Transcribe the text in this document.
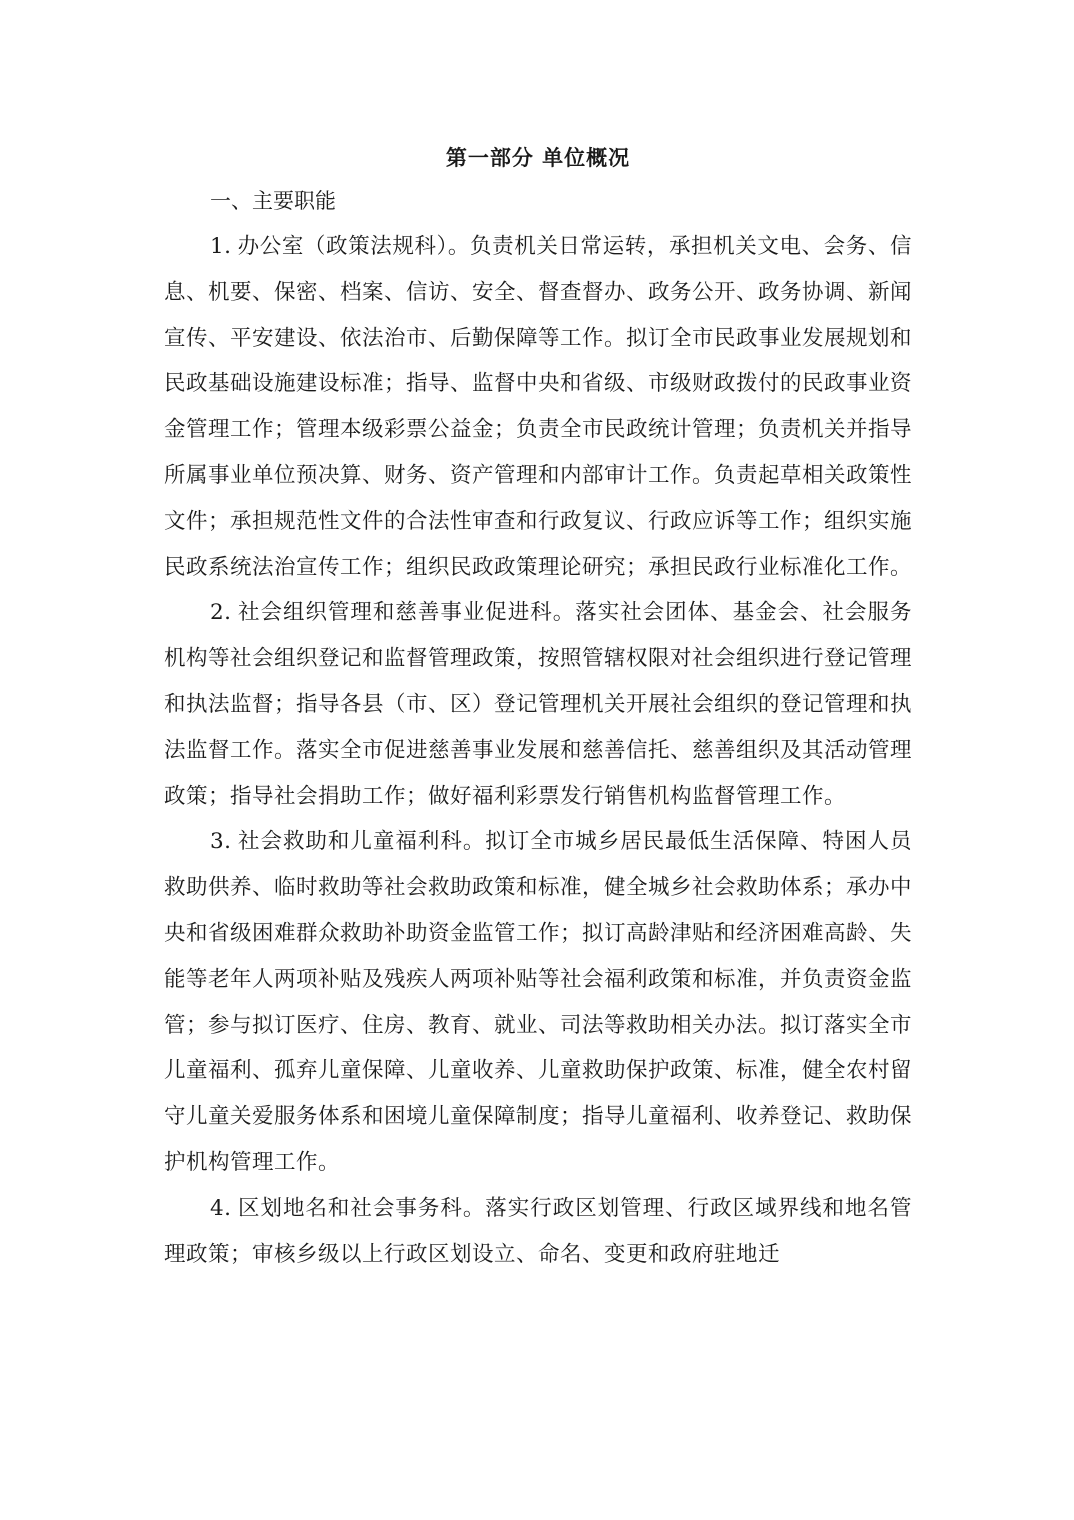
第一部分 单位概况
一、主要职能

1. 办公室（政策法规科）。负责机关日常运转，承担机关文电、会务、信息、机要、保密、档案、信访、安全、督查督办、政务公开、政务协调、新闻宣传、平安建设、依法治市、后勤保障等工作。拟订全市民政事业发展规划和民政基础设施建设标准；指导、监督中央和省级、市级财政拨付的民政事业资金管理工作；管理本级彩票公益金；负责全市民政统计管理；负责机关并指导所属事业单位预决算、财务、资产管理和内部审计工作。负责起草相关政策性文件；承担规范性文件的合法性审查和行政复议、行政应诉等工作；组织实施民政系统法治宣传工作；组织民政政策理论研究；承担民政行业标准化工作。

2. 社会组织管理和慈善事业促进科。落实社会团体、基金会、社会服务机构等社会组织登记和监督管理政策，按照管辖权限对社会组织进行登记管理和执法监督；指导各县（市、区）登记管理机关开展社会组织的登记管理和执法监督工作。落实全市促进慈善事业发展和慈善信托、慈善组织及其活动管理政策；指导社会捐助工作；做好福利彩票发行销售机构监督管理工作。

3. 社会救助和儿童福利科。拟订全市城乡居民最低生活保障、特困人员救助供养、临时救助等社会救助政策和标准，健全城乡社会救助体系；承办中央和省级困难群众救助补助资金监管工作；拟订高龄津贴和经济困难高龄、失能等老年人两项补贴及残疾人两项补贴等社会福利政策和标准，并负责资金监管；参与拟订医疗、住房、教育、就业、司法等救助相关办法。拟订落实全市儿童福利、孤弃儿童保障、儿童收养、儿童救助保护政策、标准，健全农村留守儿童关爱服务体系和困境儿童保障制度；指导儿童福利、收养登记、救助保护机构管理工作。

4. 区划地名和社会事务科。落实行政区划管理、行政区域界线和地名管理政策；审核乡级以上行政区划设立、命名、变更和政府驻地迁
